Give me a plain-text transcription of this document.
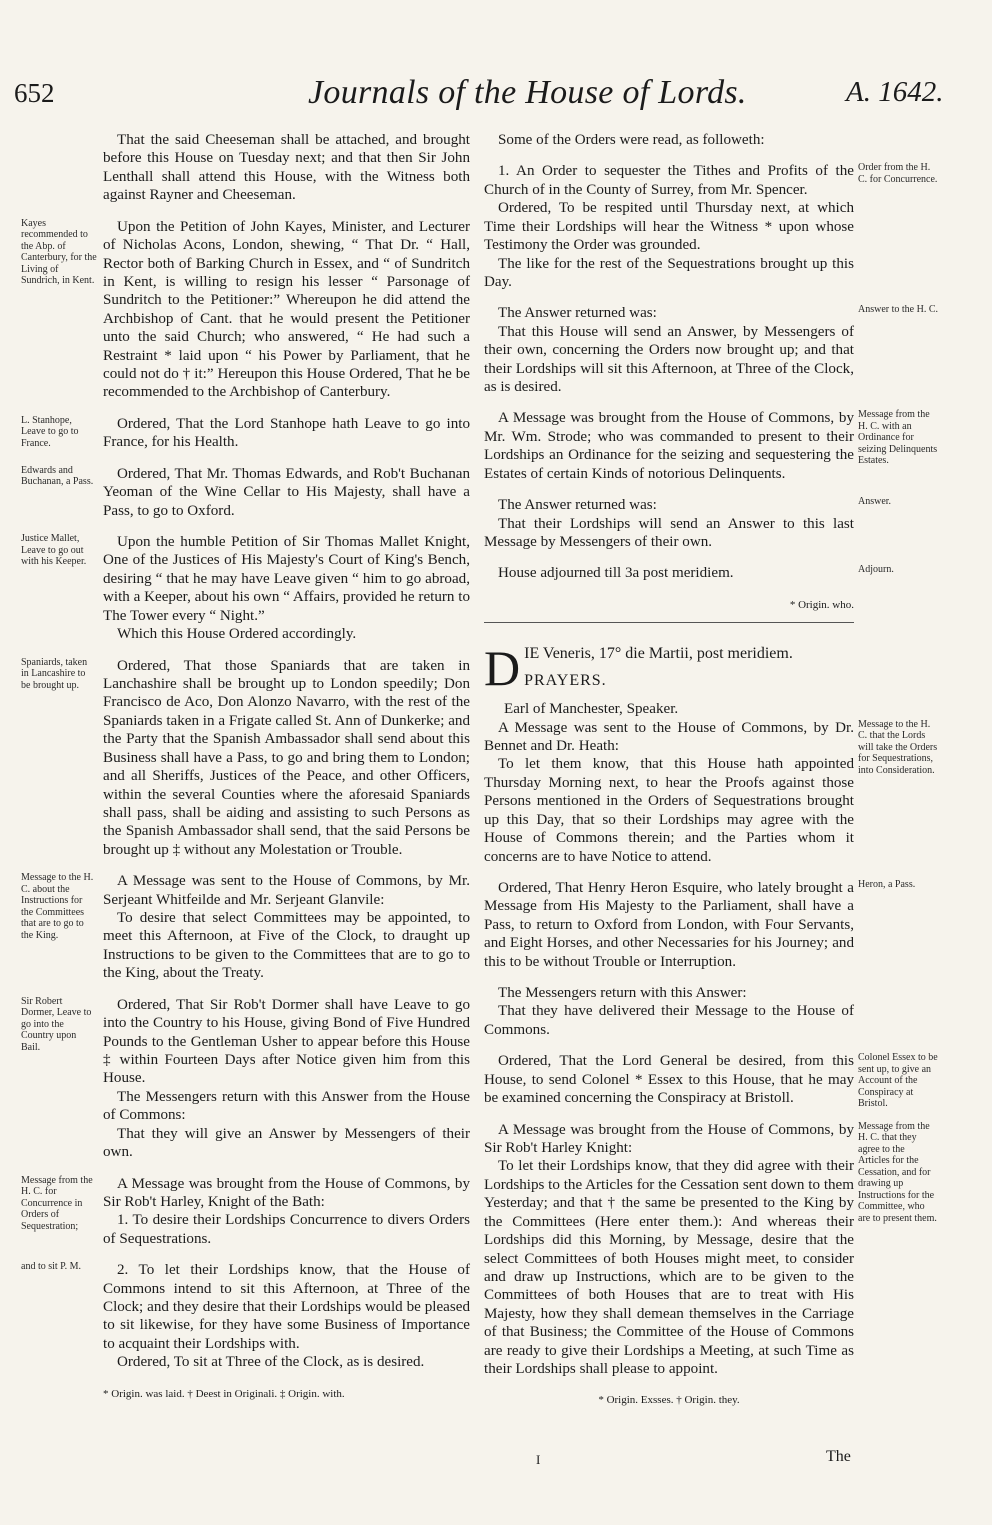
652	Journals of the House of Lords.	A. 1642.

That the said Cheeseman shall be attached, and brought before this House on Tuesday next; and that then Sir John Lenthall shall attend this House, with the Witness both against Rayner and Cheeseman.

Kayes recommended to the Abp. of Canterbury, for the Living of Sundrich, in Kent.

Upon the Petition of John Kayes, Minister, and Lecturer of Nicholas Acons, London, shewing, “ That Dr. “ Hall, Rector both of Barking Church in Essex, and “ of Sundritch in Kent, is willing to resign his lesser “ Parsonage of Sundritch to the Petitioner:” Whereupon he did attend the Archbishop of Cant. that he would present the Petitioner unto the said Church; who answered, “ He had such a Restraint * laid upon “ his Power by Parliament, that he could not do † it:” Hereupon this House Ordered, That he be recommended to the Archbishop of Canterbury.

L. Stanhope, Leave to go to France.

Ordered, That the Lord Stanhope hath Leave to go into France, for his Health.

Edwards and Buchanan, a Pass.	Ordered, That Mr. Thomas Edwards, and Rob't Buchanan Yeoman of the Wine Cellar to His Majesty, shall have a Pass, to go to Oxford.

Justice Mallet, Leave to go out with his Keeper.

Upon the humble Petition of Sir Thomas Mallet Knight, One of the Justices of His Majesty's Court of King's Bench, desiring “ that he may have Leave given “ him to go abroad, with a Keeper, about his own “ Affairs, provided he return to The Tower every “ Night.”

Which this House Ordered accordingly.

Spaniards, taken in Lancashire to be brought up.

Ordered, That those Spaniards that are taken in Lanchashire shall be brought up to London speedily; Don Francisco de Aco, Don Alonzo Navarro, with the rest of the Spaniards taken in a Frigate called St. Ann of Dunkerke; and the Party that the Spanish Ambassador shall send about this Business shall have a Pass, to go and bring them to London; and all Sheriffs, Justices of the Peace, and other Officers, within the several Counties where the aforesaid Spaniards shall pass, shall be aiding and assisting to such Persons as the Spanish Ambassador shall send, that the said Persons be brought up ‡ without any Molestation or Trouble.

Message to the H. C. about the Instructions for the Committees that are to go to the King.

A Message was sent to the House of Commons, by Mr. Serjeant Whitfeilde and Mr. Serjeant Glanvile:

To desire that select Committees may be appointed, to meet this Afternoon, at Five of the Clock, to draught up Instructions to be given to the Committees that are to go to the King, about the Treaty.

Sir Robert Dormer, Leave to go into the Country upon Bail.

Ordered, That Sir Rob't Dormer shall have Leave to go into the Country to his House, giving Bond of Five Hundred Pounds to the Gentleman Usher to appear before this House ‡ within Fourteen Days after Notice given him from this House.

The Messengers return with this Answer from the House of Commons:

That they will give an Answer by Messengers of their own.

Message from the H. C. for Concurrence in Orders of Sequestration;

A Message was brought from the House of Commons, by Sir Rob't Harley, Knight of the Bath:

1. To desire their Lordships Concurrence to divers Orders of Sequestrations.

and to sit P. M.	2. To let their Lordships know, that the House of Commons intend to sit this Afternoon, at Three of the Clock; and they desire that their Lordships would be pleased to sit likewise, for they have some Business of Importance to acquaint their Lordships with.

Ordered, To sit at Three of the Clock, as is desired.

* Origin. was laid. † Deest in Originali. ‡ Origin. with.

Some of the Orders were read, as followeth:

Order from the H. C. for Concurrence.

1. An Order to sequester the Tithes and Profits of the Church of in the County of Surrey, from Mr. Spencer.

Ordered, To be respited until Thursday next, at which Time their Lordships will hear the Witness * upon whose Testimony the Order was grounded.

The like for the rest of the Sequestrations brought up this Day.

Answer to the H. C.

The Answer returned was:

That this House will send an Answer, by Messengers of their own, concerning the Orders now brought up; and that their Lordships will sit this Afternoon, at Three of the Clock, as is desired.

Message from the H. C. with an Ordinance for seizing Delinquents Estates.

A Message was brought from the House of Commons, by Mr. Wm. Strode; who was commanded to present to their Lordships an Ordinance for the seizing and sequestering the Estates of certain Kinds of notorious Delinquents.

Answer.

The Answer returned was:

That their Lordships will send an Answer to this last Message by Messengers of their own.

Adjourn.

House adjourned till 3a post meridiem.

* Origin. who.
D IE Veneris, 17° die Martii, post meridiem.
PRAYERS.
Earl of Manchester, Speaker.
Message to the H. C. that the Lords will take the Orders for Sequestrations, into Consideration.

A Message was sent to the House of Commons, by Dr. Bennet and Dr. Heath:

To let them know, that this House hath appointed Thursday Morning next, to hear the Proofs against those Persons mentioned in the Orders of Sequestrations brought up this Day, that so their Lordships may agree with the House of Commons therein; and the Parties whom it concerns are to have Notice to attend.

Heron, a Pass.

Ordered, That Henry Heron Esquire, who lately brought a Message from His Majesty to the Parliament, shall have a Pass, to return to Oxford from London, with Four Servants, and Eight Horses, and other Necessaries for his Journey; and this to be without Trouble or Interruption.

The Messengers return with this Answer:

That they have delivered their Message to the House of Commons.

Colonel Essex to be sent up, to give an Account of the Conspiracy at Bristol.

Ordered, That the Lord General be desired, from this House, to send Colonel * Essex to this House, that he may be examined concerning the Conspiracy at Bristoll.

Message from the H. C. that they agree to the Articles for the Cessation, and for drawing up Instructions for the Committee, who are to present them.

A Message was brought from the House of Commons, by Sir Rob't Harley Knight:

To let their Lordships know, that they did agree with their Lordships to the Articles for the Cessation sent down to them Yesterday; and that † the same be presented to the King by the Committees (Here enter them.): And whereas their Lordships did this Morning, by Message, desire that the select Committees of both Houses might meet, to consider and draw up Instructions, which are to be given to the Committees of both Houses that are to treat with His Majesty, how they shall demean themselves in the Carriage of that Business; the Committee of the House of Commons are ready to give their Lordships a Meeting, at such Time as their Lordships shall please to appoint.

* Origin. Exsses. † Origin. they.
I	The
